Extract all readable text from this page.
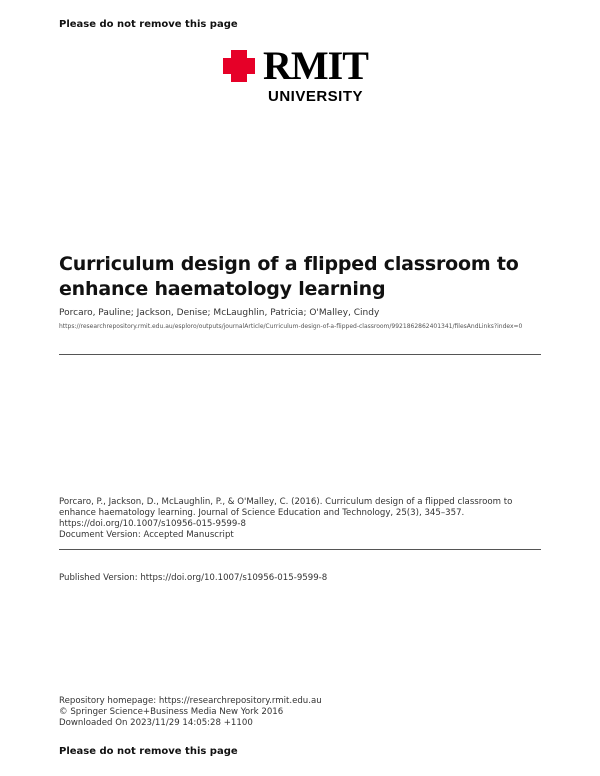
Please do not remove this page
RMIT
UNIVERSITY
Curriculum design of a flipped classroom to enhance haematology learning
Porcaro, Pauline; Jackson, Denise; McLaughlin, Patricia; O'Malley, Cindy
https://researchrepository.rmit.edu.au/esploro/outputs/journalArticle/Curriculum-design-of-a-flipped-classroom/9921862862401341/filesAndLinks?index=0
Porcaro, P., Jackson, D., McLaughlin, P., & O'Malley, C. (2016). Curriculum design of a flipped classroom to
enhance haematology learning. Journal of Science Education and Technology, 25(3), 345–357.
https://doi.org/10.1007/s10956-015-9599-8
Document Version: Accepted Manuscript
Published Version: https://doi.org/10.1007/s10956-015-9599-8
Repository homepage: https://researchrepository.rmit.edu.au
© Springer Science+Business Media New York 2016
Downloaded On 2023/11/29 14:05:28 +1100
Please do not remove this page
